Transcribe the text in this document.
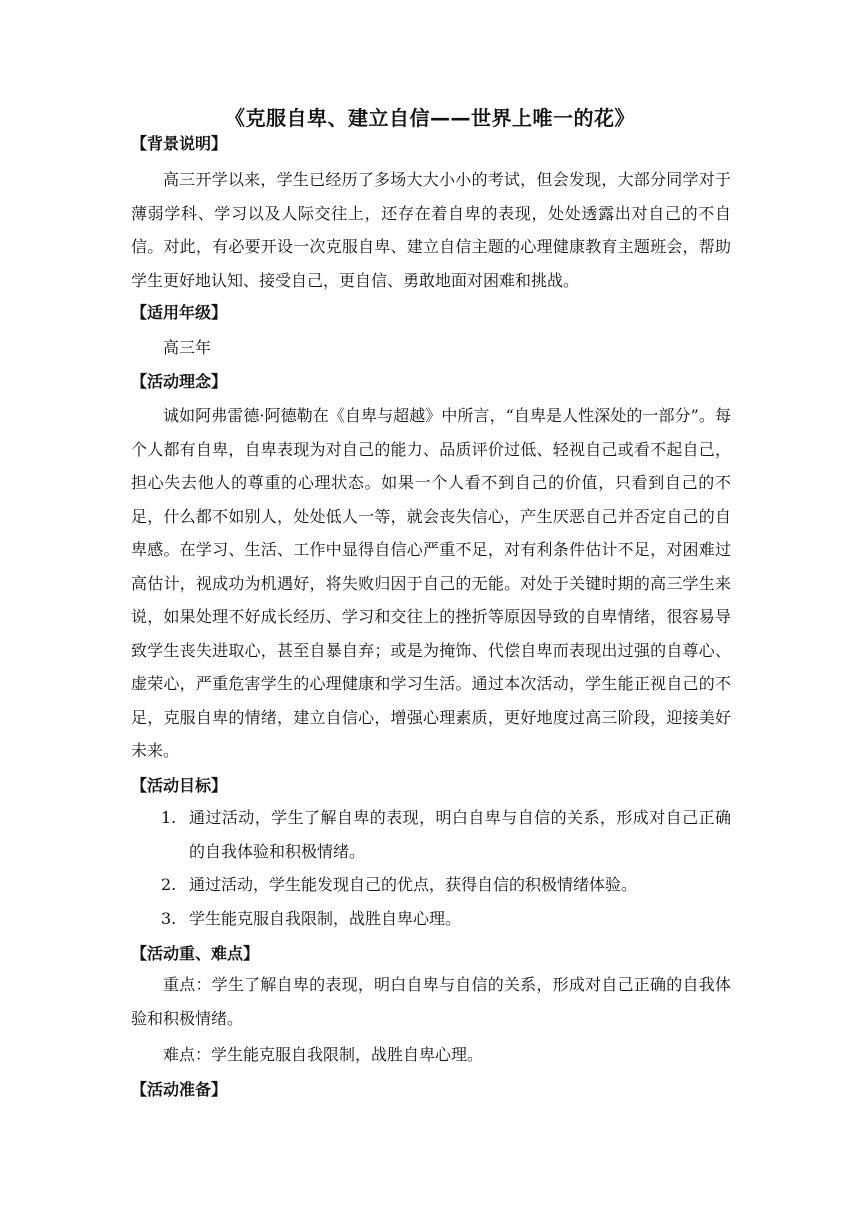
《克服自卑、建立自信——世界上唯一的花》
【背景说明】

高三开学以来，学生已经历了多场大大小小的考试，但会发现，大部分同学对于薄弱学科、学习以及人际交往上，还存在着自卑的表现，处处透露出对自己的不自信。对此，有必要开设一次克服自卑、建立自信主题的心理健康教育主题班会，帮助学生更好地认知、接受自己，更自信、勇敢地面对困难和挑战。

【适用年级】
高三年
【活动理念】

诚如阿弗雷德·阿德勒在《自卑与超越》中所言，“自卑是人性深处的一部分”。每个人都有自卑，自卑表现为对自己的能力、品质评价过低、轻视自己或看不起自己，担心失去他人的尊重的心理状态。如果一个人看不到自己的价值，只看到自己的不足，什么都不如别人，处处低人一等，就会丧失信心，产生厌恶自己并否定自己的自卑感。在学习、生活、工作中显得自信心严重不足，对有利条件估计不足，对困难过高估计，视成功为机遇好，将失败归因于自己的无能。对处于关键时期的高三学生来说，如果处理不好成长经历、学习和交往上的挫折等原因导致的自卑情绪，很容易导致学生丧失进取心，甚至自暴自弃；或是为掩饰、代偿自卑而表现出过强的自尊心、虚荣心，严重危害学生的心理健康和学习生活。通过本次活动，学生能正视自己的不足，克服自卑的情绪，建立自信心，增强心理素质，更好地度过高三阶段，迎接美好未来。

【活动目标】
1. 通过活动，学生了解自卑的表现，明白自卑与自信的关系，形成对自己正确的自我体验和积极情绪。
2. 通过活动，学生能发现自己的优点，获得自信的积极情绪体验。
3. 学生能克服自我限制，战胜自卑心理。
【活动重、难点】

重点：学生了解自卑的表现，明白自卑与自信的关系，形成对自己正确的自我体验和积极情绪。

难点：学生能克服自我限制，战胜自卑心理。

【活动准备】
